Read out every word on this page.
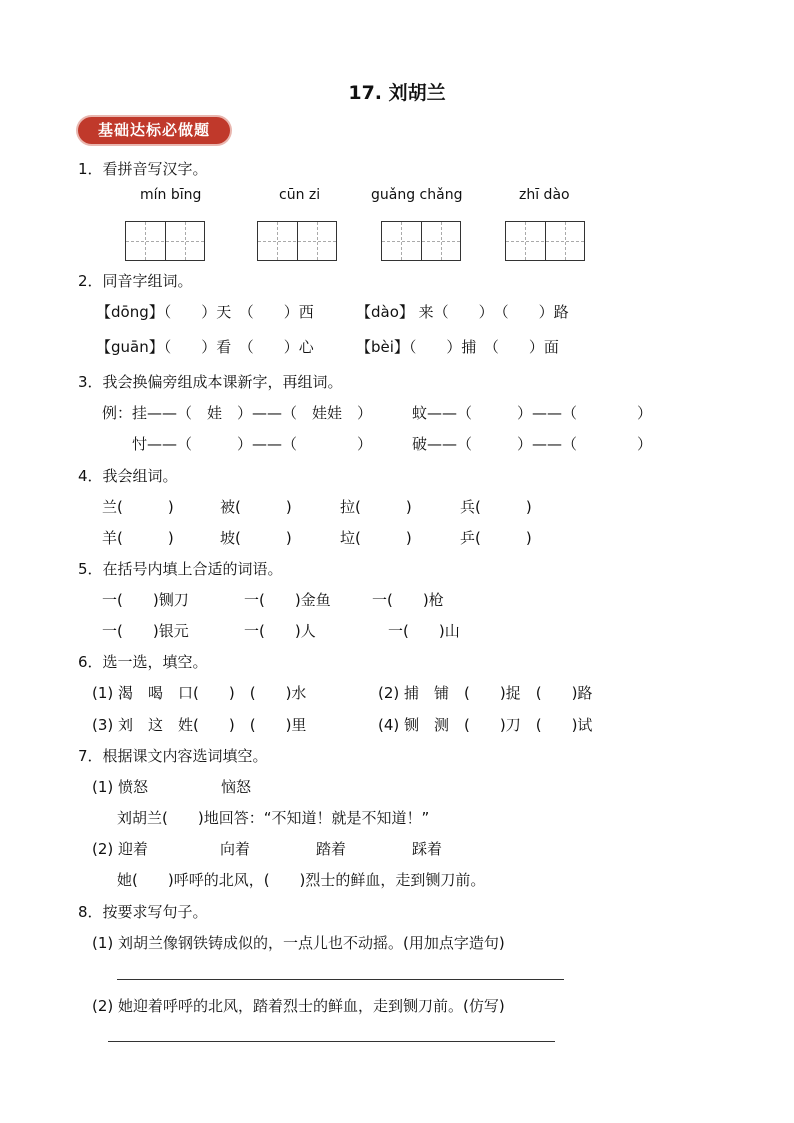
17. 刘胡兰
基础达标必做题
1．看拼音写汉字。
mín bīng	cūn zi	guǎng chǎng	zhī dào
2．同音字组词。
【dōng】（　　）天　（　　）西	【dào】 来（　　）　（　　）路
【guān】（　　）看　（　　）心	【bèi】（　　）捕　（　　）面
3．我会换偏旁组成本课新字，再组词。
例：挂——（　娃　）——（　娃娃　）	蚊——（　　　）——（　　　　）
忖——（　　　）——（　　　　）	破——（　　　）——（　　　　）
4．我会组词。
兰(　　　)	被(　　　)	拉(　　　)	兵(　　　)
羊(　　　)	坡(　　　)	垃(　　　)	乒(　　　)
5．在括号内填上合适的词语。
一(　　)铡刀	一(　　)金鱼	一(　　)枪
一(　　)银元	一(　　)人	一(　　)山
6．选一选，填空。
(1) 渴　喝　口(　　)　(　　)水	(2) 捕　铺　(　　)捉　(　　)路
(3) 刘　这　姓(　　)　(　　)里	(4) 铡　测　(　　)刀　(　　)试
7．根据课文内容选词填空。
(1) 愤怒	恼怒
刘胡兰(　　)地回答：“不知道！就是不知道！”
(2) 迎着	向着	踏着	踩着
她(　　)呼呼的北风，(　　)烈士的鲜血，走到铡刀前。
8．按要求写句子。
(1) 刘胡兰像钢铁铸成似的，一点儿也不动摇。(用加点字造句)
(2) 她迎着呼呼的北风，踏着烈士的鲜血，走到铡刀前。(仿写)
